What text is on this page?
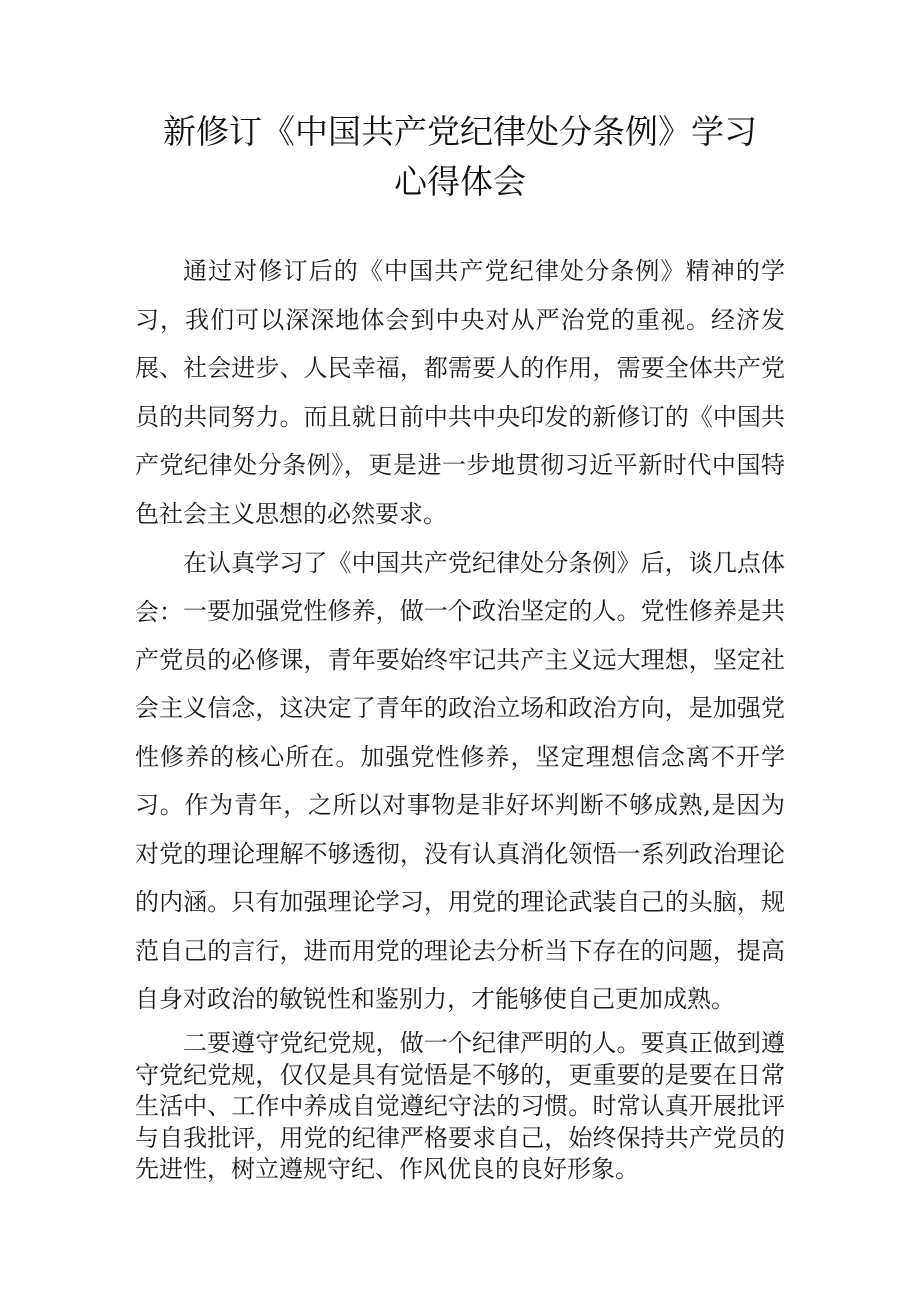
新修订《中国共产党纪律处分条例》学习
心得体会

通过对修订后的《中国共产党纪律处分条例》精神的学习，我们可以深深地体会到中央对从严治党的重视。经济发展、社会进步、人民幸福，都需要人的作用，需要全体共产党员的共同努力。而且就日前中共中央印发的新修订的《中国共产党纪律处分条例》，更是进一步地贯彻习近平新时代中国特色社会主义思想的必然要求。

在认真学习了《中国共产党纪律处分条例》后，谈几点体会： 一要加强党性修养，做一个政治坚定的人。党性修养是共产党员的必修课，青年要始终牢记共产主义远大理想，坚定社会主义信念，这决定了青年的政治立场和政治方向，是加强党性修养的核心所在。加强党性修养，坚定理想信念离不开学习。作为青年，之所以对事物是非好坏判断不够成熟,是因为对党的理论理解不够透彻，没有认真消化领悟一系列政治理论的内涵。只有加强理论学习，用党的理论武装自己的头脑，规范自己的言行，进而用党的理论去分析当下存在的问题，提高自身对政治的敏锐性和鉴别力，才能够使自己更加成熟。

二要遵守党纪党规，做一个纪律严明的人。要真正做到遵守党纪党规，仅仅是具有觉悟是不够的，更重要的是要在日常生活中、工作中养成自觉遵纪守法的习惯。时常认真开展批评与自我批评，用党的纪律严格要求自己，始终保持共产党员的先进性，树立遵规守纪、作风优良的良好形象。
